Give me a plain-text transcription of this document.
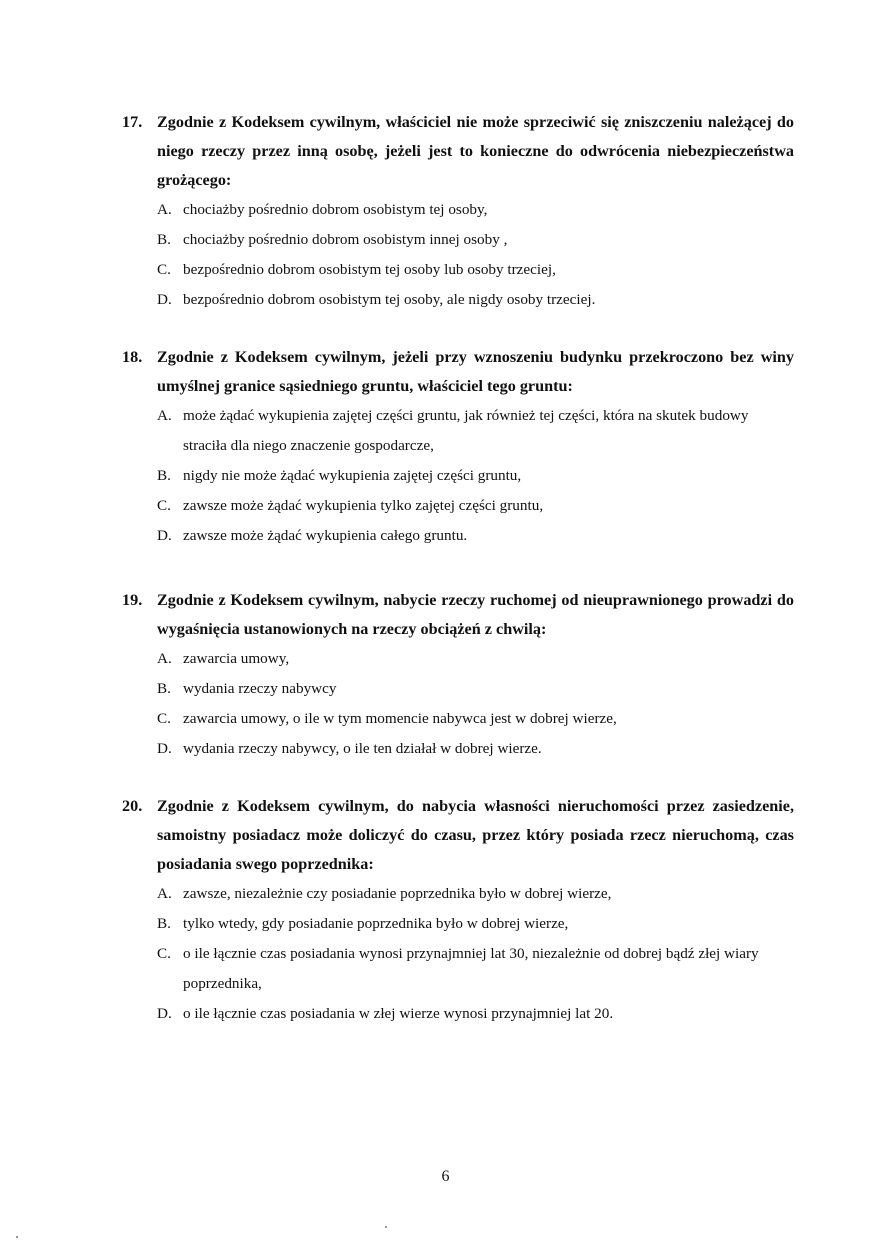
17. Zgodnie z Kodeksem cywilnym, właściciel nie może sprzeciwić się zniszczeniu należącej do niego rzeczy przez inną osobę, jeżeli jest to konieczne do odwrócenia niebezpieczeństwa grożącego:
A. chociażby pośrednio dobrom osobistym tej osoby,
B. chociażby pośrednio dobrom osobistym innej osoby ,
C. bezpośrednio dobrom osobistym tej osoby lub osoby trzeciej,
D. bezpośrednio dobrom osobistym tej osoby, ale nigdy osoby trzeciej.
18. Zgodnie z Kodeksem cywilnym, jeżeli przy wznoszeniu budynku przekroczono bez winy umyślnej granice sąsiedniego gruntu, właściciel tego gruntu:
A. może żądać wykupienia zajętej części gruntu, jak również tej części, która na skutek budowy straciła dla niego znaczenie gospodarcze,
B. nigdy nie może żądać wykupienia zajętej części gruntu,
C. zawsze może żądać wykupienia tylko zajętej części gruntu,
D. zawsze może żądać wykupienia całego gruntu.
19. Zgodnie z Kodeksem cywilnym, nabycie rzeczy ruchomej od nieuprawnionego prowadzi do wygaśnięcia ustanowionych na rzeczy obciążeń z chwilą:
A. zawarcia umowy,
B. wydania rzeczy nabywcy
C. zawarcia umowy, o ile w tym momencie nabywca jest w dobrej wierze,
D. wydania rzeczy nabywcy, o ile ten działał w dobrej wierze.
20. Zgodnie z Kodeksem cywilnym, do nabycia własności nieruchomości przez zasiedzenie, samoistny posiadacz może doliczyć do czasu, przez który posiada rzecz nieruchomą, czas posiadania swego poprzednika:
A. zawsze, niezależnie czy posiadanie poprzednika było w dobrej wierze,
B. tylko wtedy, gdy posiadanie poprzednika było w dobrej wierze,
C. o ile łącznie czas posiadania wynosi przynajmniej lat 30, niezależnie od dobrej bądź złej wiary poprzednika,
D. o ile łącznie czas posiadania w złej wierze wynosi przynajmniej lat 20.
6
